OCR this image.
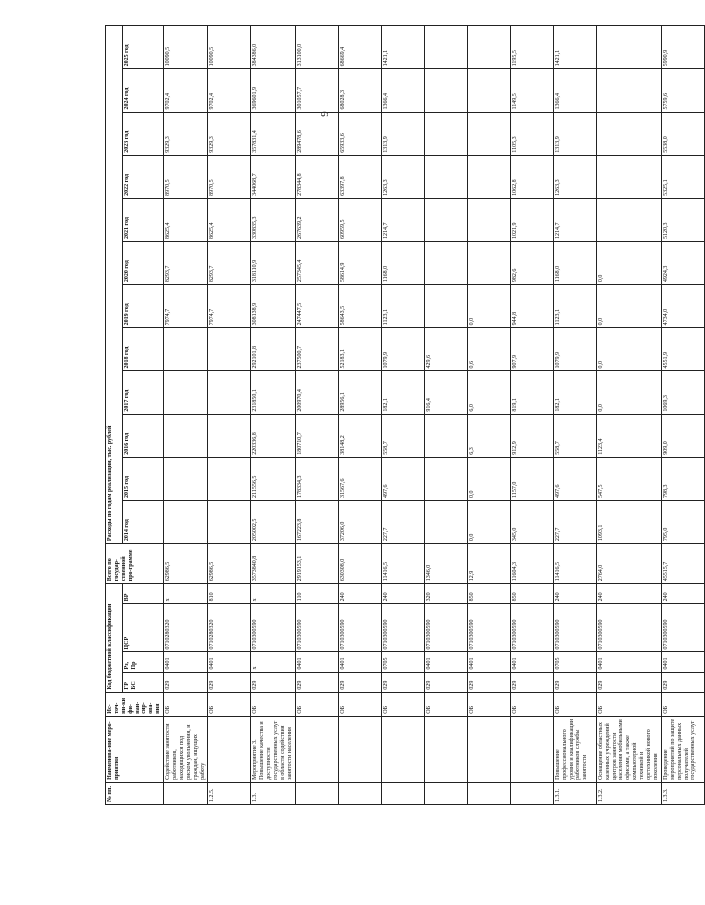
9
№ пп.	Наименова-ние меро-приятия	Ис-точ-ни-ки фи-нан-сир-ова-ния	Код бюджетной классификации				Всего по государ-ственной про-грамме	Расходы по годам реализации, тыс. рублей											
			ГР БС	Рз, Пр	ЦСР	ВР		2014 год	2015 год	2016 год	2017 год	2018 год	2019 год	2020 год	2021 год	2022 год	2023 год	2024 год	2025 год
	Содействие занятости работников, находящихся под риском увольнения, и граждан, ищущих работу	ОБ	029	0401	0710280320	x	62986,5						7974,7	8293,7	8625,4	8970,5	9329,3	9702,4	10090,5
1.2.5.		ОБ	029	0401	0710280320	810	62986,5						7974,7	8293,7	8625,4	8970,5	9329,3	9702,4	10090,5
1.3.	Мероприятие 3. Повышение качества и доступности государственных услуг в области содействия занятости населения	ОБ	029	x	0710300590	x	3573840,8	205002,5	211556,5	220336,8	231850,1	292101,8	308138,9	318110,9	330835,3	344068,7	357831,4	369601,9	384386,0
		ОБ	029	0401	0710300590	110	2919153,1	167223,8	178334,3	180710,7	200970,4	237500,7	247447,5	257345,4	267639,2	278344,8	289478,6	301057,7	313100,0
		ОБ	029	0401	0710300590	240	630308,0	37206,0	31567,6	38148,2	28956,1	52183,1	58643,5	58614,9	60959,5	63397,8	65933,6	68028,3	68669,4
		ОБ	029	0705	0710300590	240	11416,5	227,7	497,6	558,7	182,1	1079,9	1123,1	1168,0	1214,7	1263,3	1313,9	1366,4	1421,1
		ОБ	029	0401	0710300590	320	1346,0				916,4	429,6							
		ОБ	029	0401	0710300590	850	12,9	0,0	0,0	6,3	6,0	0,6	0,0						
		ОБ	029	0401	0710300590	850	11604,3	345,0	1157,0	912,9	819,1	907,9	944,8	982,6	1021,9	1062,8	1105,3	1149,5	1195,5
1.3.1.	Повышение профессионального уровня и квалификации работников службы занятости	ОБ	029	0705	0710300590	240	11416,5	227,7	497,6	558,7	182,1	1079,9	1123,1	1168,0	1214,7	1263,3	1313,9	1366,4	1421,1
1.3.2.	Оснащение областных казенных учреждений центров занятости населения мобильными офисами, а также компьютерной техникой и оргтехникой нового поколения	ОБ	029	0401	0710300590	240	2764,0	1093,1	547,5	1123,4	0,0	0,0	0,0	0,0					
1.3.3.	Проведение мероприятий по защите персональных данных получателей государственных услуг	ОБ	029	0401	0710300590	240	45515,7	795,0	798,3	909,0	1069,3	4551,9	4734,0	4924,3	5120,3	5325,1	5538,0	5759,6	5990,9
